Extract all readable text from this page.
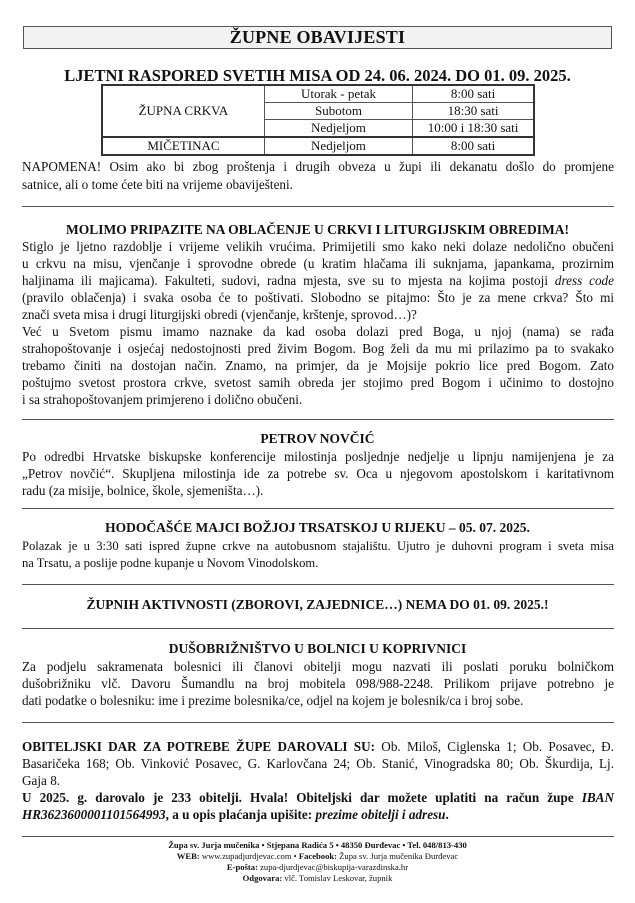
ŽUPNE OBAVIJESTI
LJETNI RASPORED SVETIH MISA OD 24. 06. 2024. DO 01. 09. 2025.
ŽUPNA CRKVA	Utorak - petak	8:00 sati
	Subotom	18:30 sati
	Nedjeljom	10:00 i 18:30 sati
MIČETINAC	Nedjeljom	8:00 sati
NAPOMENA! Osim ako bi zbog proštenja i drugih obveza u župi ili dekanatu došlo do promjene
satnice, ali o tome ćete biti na vrijeme obaviješteni.
MOLIMO PRIPAZITE NA OBLAČENJE U CRKVI I LITURGIJSKIM OBREDIMA!
Stiglo je ljetno razdoblje i vrijeme velikih vrućima. Primijetili smo kako neki dolaze nedolično obučeni
u crkvu na misu, vjenčanje i sprovodne obrede (u kratim hlačama ili suknjama, japankama, prozirnim
haljinama ili majicama). Fakulteti, sudovi, radna mjesta, sve su to mjesta na kojima postoji dress code
(pravilo oblačenja) i svaka osoba će to poštivati. Slobodno se pitajmo: Što je za mene crkva? Što mi
znači sveta misa i drugi liturgijski obredi (vjenčanje, krštenje, sprovod…)?
Već u Svetom pismu imamo naznake da kad osoba dolazi pred Boga, u njoj (nama) se rađa
strahopoštovanje i osjećaj nedostojnosti pred živim Bogom. Bog želi da mu mi prilazimo pa to svakako
trebamo činiti na dostojan način. Znamo, na primjer, da je Mojsije pokrio lice pred Bogom. Zato
poštujmo svetost prostora crkve, svetost samih obreda jer stojimo pred Bogom i učinimo to dostojno
i sa strahopoštovanjem primjereno i dolično obučeni.
PETROV NOVČIĆ
Po odredbi Hrvatske biskupske konferencije milostinja posljednje nedjelje u lipnju namijenjena je za
„Petrov novčić“. Skupljena milostinja ide za potrebe sv. Oca u njegovom apostolskom i karitativnom
radu (za misije, bolnice, škole, sjemeništa…).
HODOČAŠĆE MAJCI BOŽJOJ TRSATSKOJ U RIJEKU – 05. 07. 2025.
Polazak je u 3:30 sati ispred župne crkve na autobusnom stajalištu. Ujutro je duhovni program i sveta misa
na Trsatu, a poslije podne kupanje u Novom Vinodolskom.
ŽUPNIH AKTIVNOSTI (ZBOROVI, ZAJEDNICE…) NEMA DO 01. 09. 2025.!
DUŠOBRIŽNIŠTVO U BOLNICI U KOPRIVNICI
Za podjelu sakramenata bolesnici ili članovi obitelji mogu nazvati ili poslati poruku bolničkom
dušobrižniku vlč. Davoru Šumandlu na broj mobitela 098/988-2248. Prilikom prijave potrebno je
dati podatke o bolesniku: ime i prezime bolesnika/ce, odjel na kojem je bolesnik/ca i broj sobe.
OBITELJSKI DAR ZA POTREBE ŽUPE DAROVALI SU: Ob. Miloš, Ciglenska 1; Ob. Posavec, Đ.
Basaričeka 168; Ob. Vinković Posavec, G. Karlovčana 24; Ob. Stanić, Vinogradska 80; Ob. Škurdija, Lj.
Gaja 8.
U 2025. g. darovalo je 233 obitelji. Hvala! Obiteljski dar možete uplatiti na račun župe IBAN
HR3623600001101564993, a u opis plaćanja upišite: prezime obitelji i adresu.
Župa sv. Jurja mučenika • Stjepana Radića 5 • 48350 Đurđevac • Tel. 048/813-430
WEB: www.zupadjurdjevac.com • Facebook: Župa sv. Jurja mučenika Đurđevac
E-pošta: zupa-djurdjevac@biskupija-varazdinska.hr
Odgovara: vlč. Tomislav Leskovar, župnik
